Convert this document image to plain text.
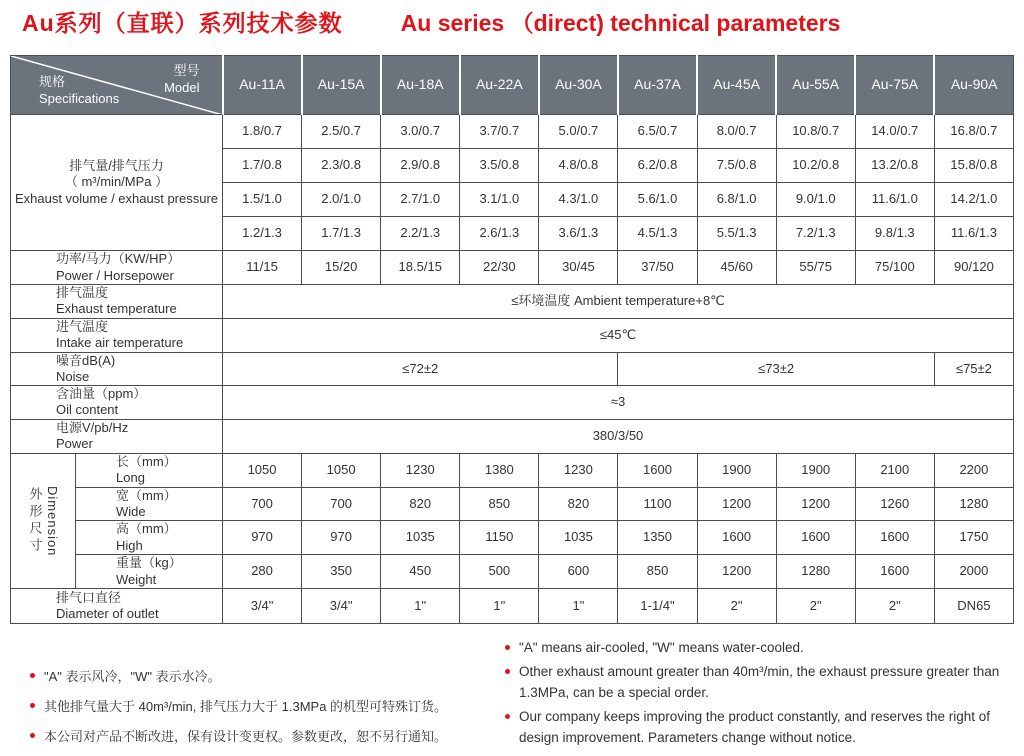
Au系列（直联）系列技术参数	Au series （direct) technical parameters
型号
Model
规格
Specifications		Au-11A	Au-15A	Au-18A	Au-22A	Au-30A	Au-37A	Au-45A	Au-55A	Au-75A	Au-90A

排气量/排气压力
（ m³/min/MPa ）
Exhaust volume / exhaust pressure		1.8/0.7	2.5/0.7	3.0/0.7	3.7/0.7	5.0/0.7	6.5/0.7	8.0/0.7	10.8/0.7	14.0/0.7	16.8/0.7
		1.7/0.8	2.3/0.8	2.9/0.8	3.5/0.8	4.8/0.8	6.2/0.8	7.5/0.8	10.2/0.8	13.2/0.8	15.8/0.8
		1.5/1.0	2.0/1.0	2.7/1.0	3.1/1.0	4.3/1.0	5.6/1.0	6.8/1.0	9.0/1.0	11.6/1.0	14.2/1.0
		1.2/1.3	1.7/1.3	2.2/1.3	2.6/1.3	3.6/1.3	4.5/1.3	5.5/1.3	7.2/1.3	9.8/1.3	11.6/1.3

功率/马力（KW/HP）
Power / Horsepower		11/15	15/20	18.5/15	22/30	30/45	37/50	45/60	55/75	75/100	90/120

排气温度
Exhaust temperature		≤环境温度 Ambient temperature+8℃									

进气温度
Intake air temperature		≤45℃									

噪音dB(A)
Noise		≤72±2					≤73±2				≤75±2

含油量（ppm）
Oil content		≈3									

电源V/pb/Hz
Power		380/3/50									

外形尺寸 Dimension	长（mm）
Long	1050	1050	1230	1380	1230	1600	1900	1900	2100	2200

	宽（mm）
Wide	700	700	820	850	820	1100	1200	1200	1260	1280

	高（mm）
High	970	970	1035	1150	1035	1350	1600	1600	1600	1750

	重量（kg）
Weight	280	350	450	500	600	850	1200	1280	1600	2000

排气口直径
Diameter of outlet		3/4"	3/4"	1"	1"	1"	1-1/4"	2"	2"	2"	DN65
"A" 表示风冷，"W" 表示水冷。
其他排气量大于 40m³/min, 排气压力大于 1.3MPa 的机型可特殊订货。
本公司对产品不断改进，保有设计变更权。参数更改，恕不另行通知。
"A" means air-cooled, "W" means water-cooled.
Other exhaust amount greater than 40m³/min, the exhaust pressure greater than 1.3MPa, can be a special order.
Our company keeps improving the product constantly, and reserves the right of design improvement. Parameters change without notice.
